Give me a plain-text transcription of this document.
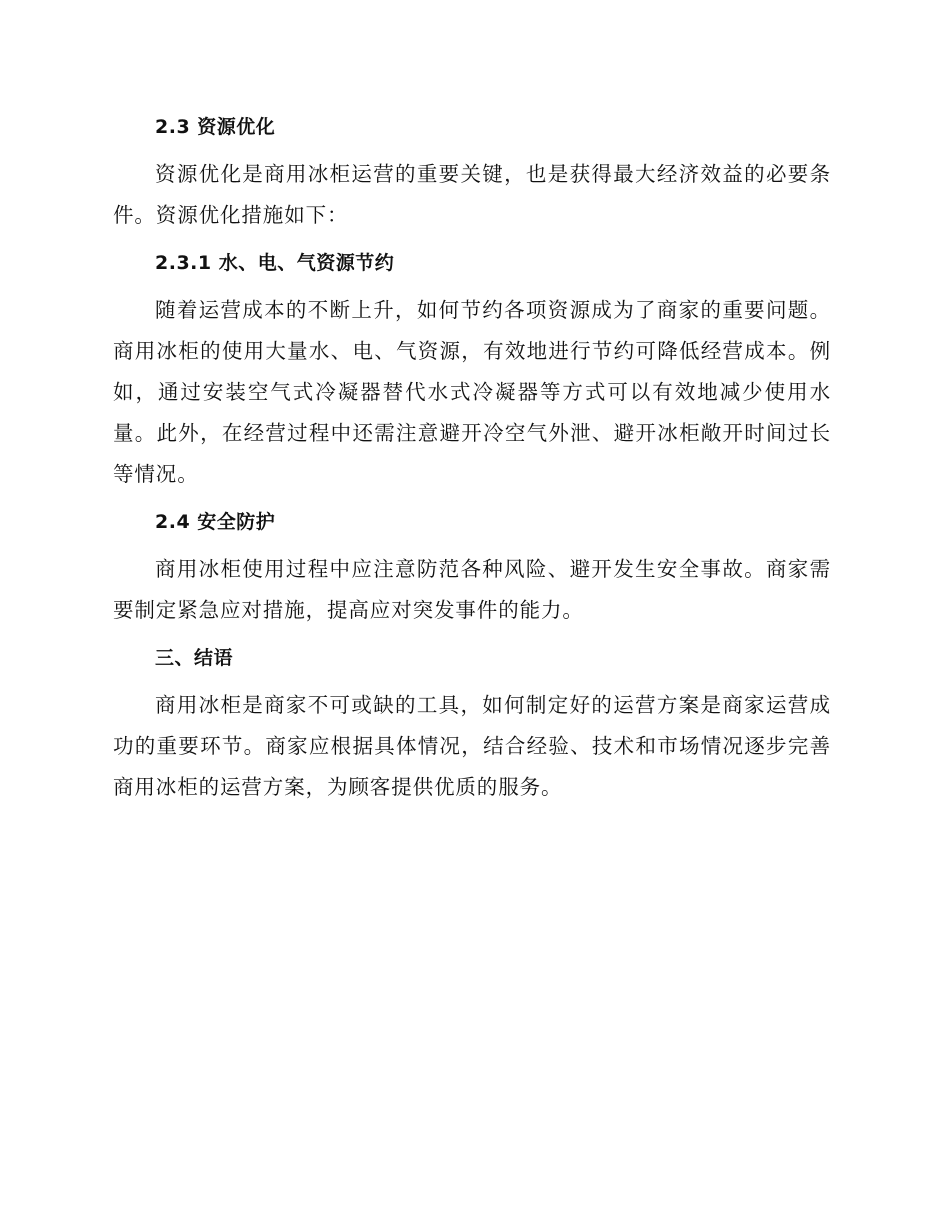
2.3 资源优化

资源优化是商用冰柜运营的重要关键，也是获得最大经济效益的必要条件。资源优化措施如下：

2.3.1 水、电、气资源节约

随着运营成本的不断上升，如何节约各项资源成为了商家的重要问题。商用冰柜的使用大量水、电、气资源，有效地进行节约可降低经营成本。例如，通过安装空气式冷凝器替代水式冷凝器等方式可以有效地减少使用水量。此外，在经营过程中还需注意避开冷空气外泄、避开冰柜敞开时间过长等情况。

2.4 安全防护

商用冰柜使用过程中应注意防范各种风险、避开发生安全事故。商家需要制定紧急应对措施，提高应对突发事件的能力。

三、结语

商用冰柜是商家不可或缺的工具，如何制定好的运营方案是商家运营成功的重要环节。商家应根据具体情况，结合经验、技术和市场情况逐步完善商用冰柜的运营方案，为顾客提供优质的服务。
